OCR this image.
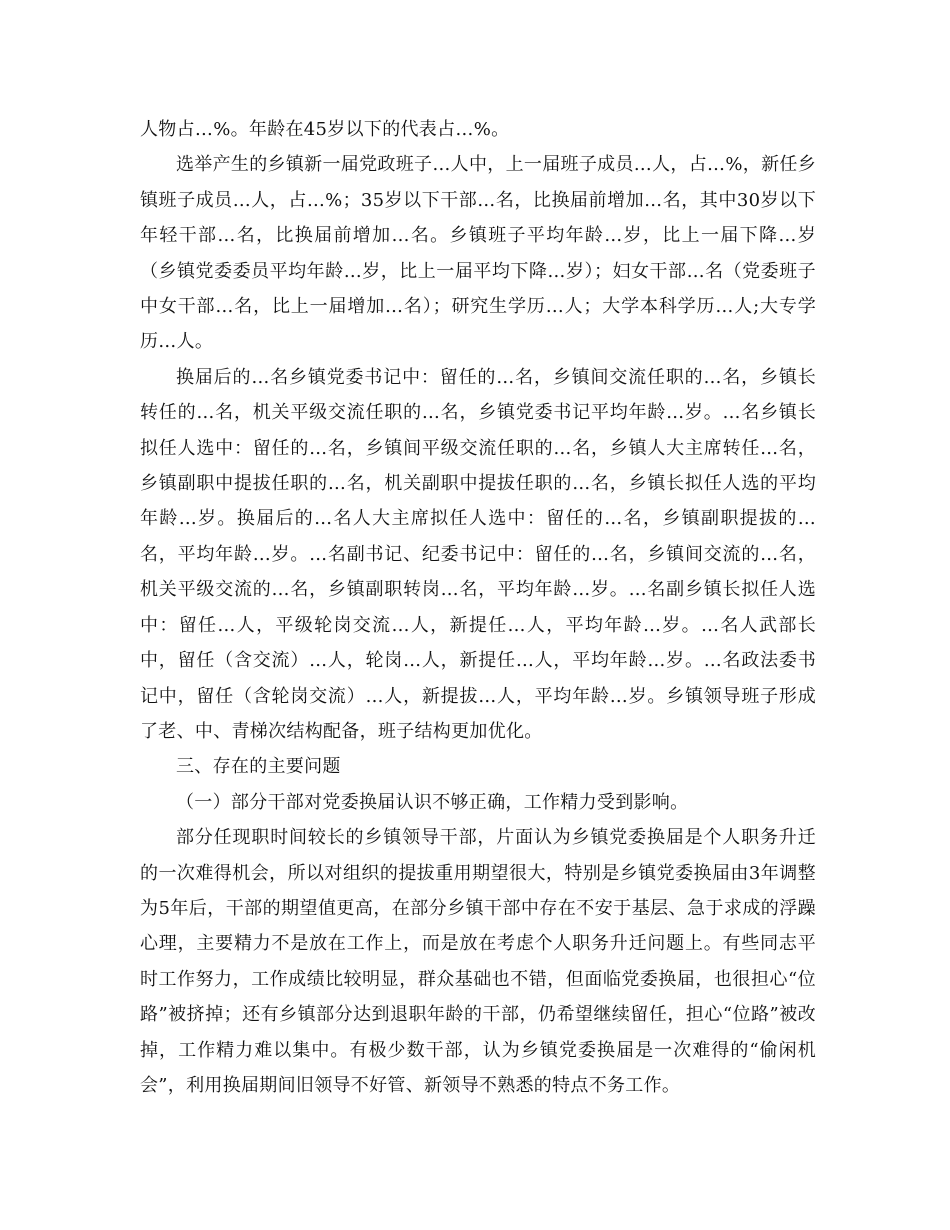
人物占…%。年龄在45岁以下的代表占…%。

选举产生的乡镇新一届党政班子…人中，上一届班子成员…人，占…%，新任乡镇班子成员…人，占…%；35岁以下干部…名，比换届前增加…名，其中30岁以下年轻干部…名，比换届前增加…名。乡镇班子平均年龄…岁，比上一届下降…岁（乡镇党委委员平均年龄…岁，比上一届平均下降…岁）；妇女干部…名（党委班子中女干部…名，比上一届增加…名）；研究生学历…人；大学本科学历…人;大专学历…人。

换届后的…名乡镇党委书记中：留任的…名，乡镇间交流任职的…名，乡镇长转任的…名，机关平级交流任职的…名，乡镇党委书记平均年龄…岁。…名乡镇长拟任人选中：留任的…名，乡镇间平级交流任职的…名，乡镇人大主席转任…名，乡镇副职中提拔任职的…名，机关副职中提拔任职的…名，乡镇长拟任人选的平均年龄…岁。换届后的…名人大主席拟任人选中：留任的…名，乡镇副职提拔的…名，平均年龄…岁。…名副书记、纪委书记中：留任的…名，乡镇间交流的…名，机关平级交流的…名，乡镇副职转岗…名，平均年龄…岁。…名副乡镇长拟任人选中：留任…人，平级轮岗交流…人，新提任…人，平均年龄…岁。…名人武部长中，留任（含交流）…人，轮岗…人，新提任…人，平均年龄…岁。…名政法委书记中，留任（含轮岗交流）…人，新提拔…人，平均年龄…岁。乡镇领导班子形成了老、中、青梯次结构配备，班子结构更加优化。

三、存在的主要问题

（一）部分干部对党委换届认识不够正确，工作精力受到影响。

部分任现职时间较长的乡镇领导干部，片面认为乡镇党委换届是个人职务升迁的一次难得机会，所以对组织的提拔重用期望很大，特别是乡镇党委换届由3年调整为5年后，干部的期望值更高，在部分乡镇干部中存在不安于基层、急于求成的浮躁心理，主要精力不是放在工作上，而是放在考虑个人职务升迁问题上。有些同志平时工作努力，工作成绩比较明显，群众基础也不错，但面临党委换届，也很担心“位路”被挤掉；还有乡镇部分达到退职年龄的干部，仍希望继续留任，担心“位路”被改掉，工作精力难以集中。有极少数干部，认为乡镇党委换届是一次难得的“偷闲机会”，利用换届期间旧领导不好管、新领导不熟悉的特点不务工作。
